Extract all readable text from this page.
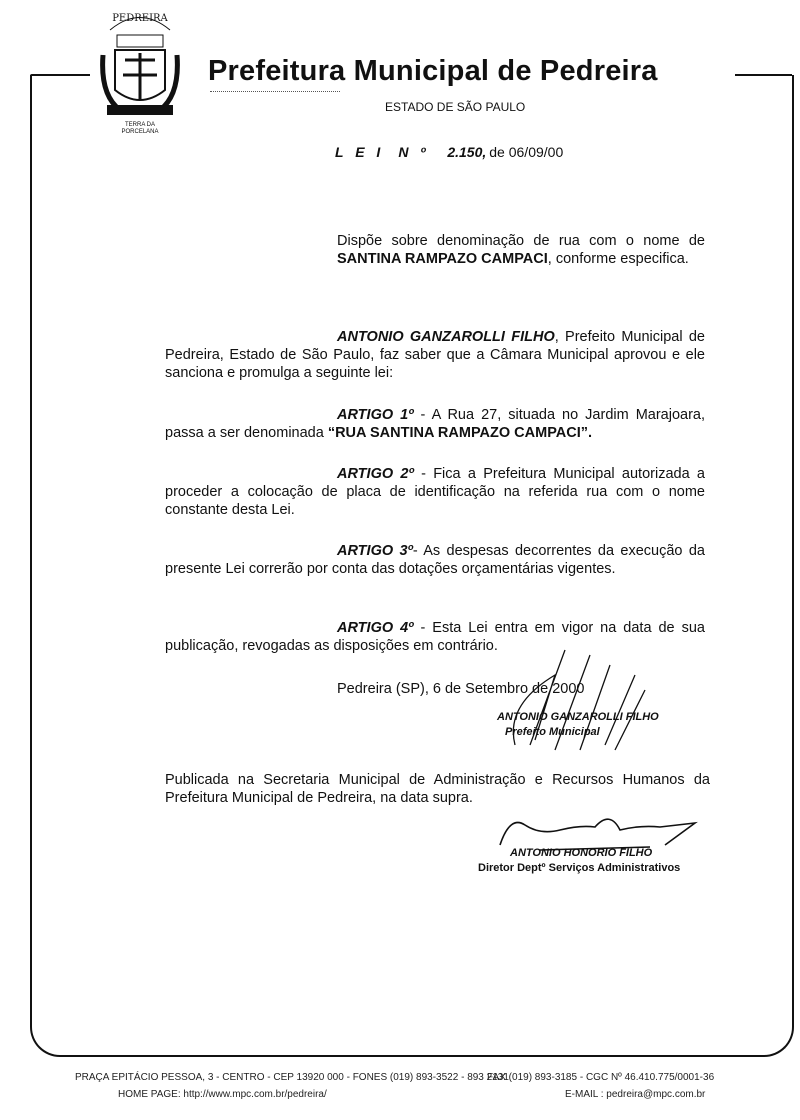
PEDREIRA
TERRA DA
PORCELANA
Prefeitura Municipal de Pedreira
ESTADO DE SÃO PAULO
L E I N º 2.150, de 06/09/00
Dispõe sobre denominação de rua com o nome de SANTINA RAMPAZO CAMPACI, conforme especifica.
ANTONIO GANZAROLLI FILHO, Prefeito Municipal de Pedreira, Estado de São Paulo, faz saber que a Câmara Municipal aprovou e ele sanciona e promulga a seguinte lei:
ARTIGO 1º - A Rua 27, situada no Jardim Marajoara, passa a ser denominada “RUA SANTINA RAMPAZO CAMPACI”.
ARTIGO 2º - Fica a Prefeitura Municipal autorizada a proceder a colocação de placa de identificação na referida rua com o nome constante desta Lei.
ARTIGO 3º- As despesas decorrentes da execução da presente Lei correrão por conta das dotações orçamentárias vigentes.
ARTIGO 4º - Esta Lei entra em vigor na data de sua publicação, revogadas as disposições em contrário.
Pedreira (SP), 6 de Setembro de 2000
ANTONIO GANZAROLLI FILHO
Prefeito Municipal
Publicada na Secretaria Municipal de Administração e Recursos Humanos da Prefeitura Municipal de Pedreira, na data supra.
ANTONIO HONORIO FILHO
Diretor Deptº Serviços Administrativos
PRAÇA EPITÁCIO PESSOA, 3 - CENTRO - CEP 13920 000 - FONES (019) 893-3522 - 893 2131
FAX (019) 893-3185 - CGC Nº 46.410.775/0001-36
HOME PAGE: http://www.mpc.com.br/pedreira/	E-MAIL : pedreira@mpc.com.br
